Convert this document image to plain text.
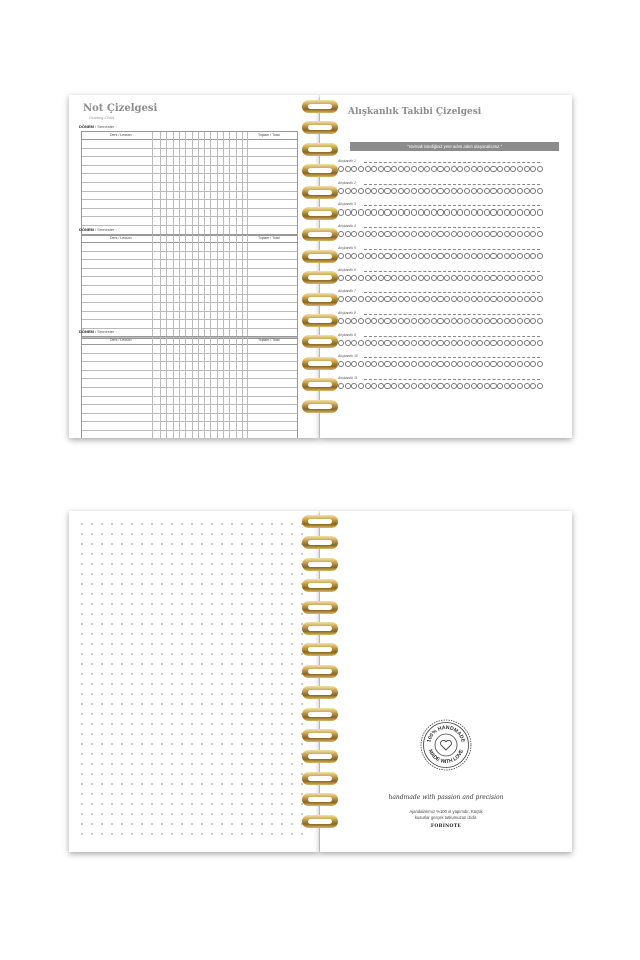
Not Çizelgesi
Grading Chart
DÖNEM / Semester :
Ders / Lesson	Toplam / Total
DÖNEM / Semester :
Ders / Lesson	Toplam / Total
DÖNEM / Semester :
Ders / Lesson	Toplam / Total
Alışkanlık Takibi Çizelgesi
"Varmak istediğiniz yere adım adım ulaşacaksınız."
Alışkanlık 1
Alışkanlık 2
Alışkanlık 3
Alışkanlık 4
Alışkanlık 5
Alışkanlık 6
Alışkanlık 7
Alışkanlık 8
Alışkanlık 9
Alışkanlık 10
Alışkanlık 11
100% HANDMADE
MADE WITH LOVE
handmade with passion and precision
Ajandalarımız %100 el yapımdır. Küçük
kusurlar gerçek tutkumuzun izidir.
FOBINOTE
